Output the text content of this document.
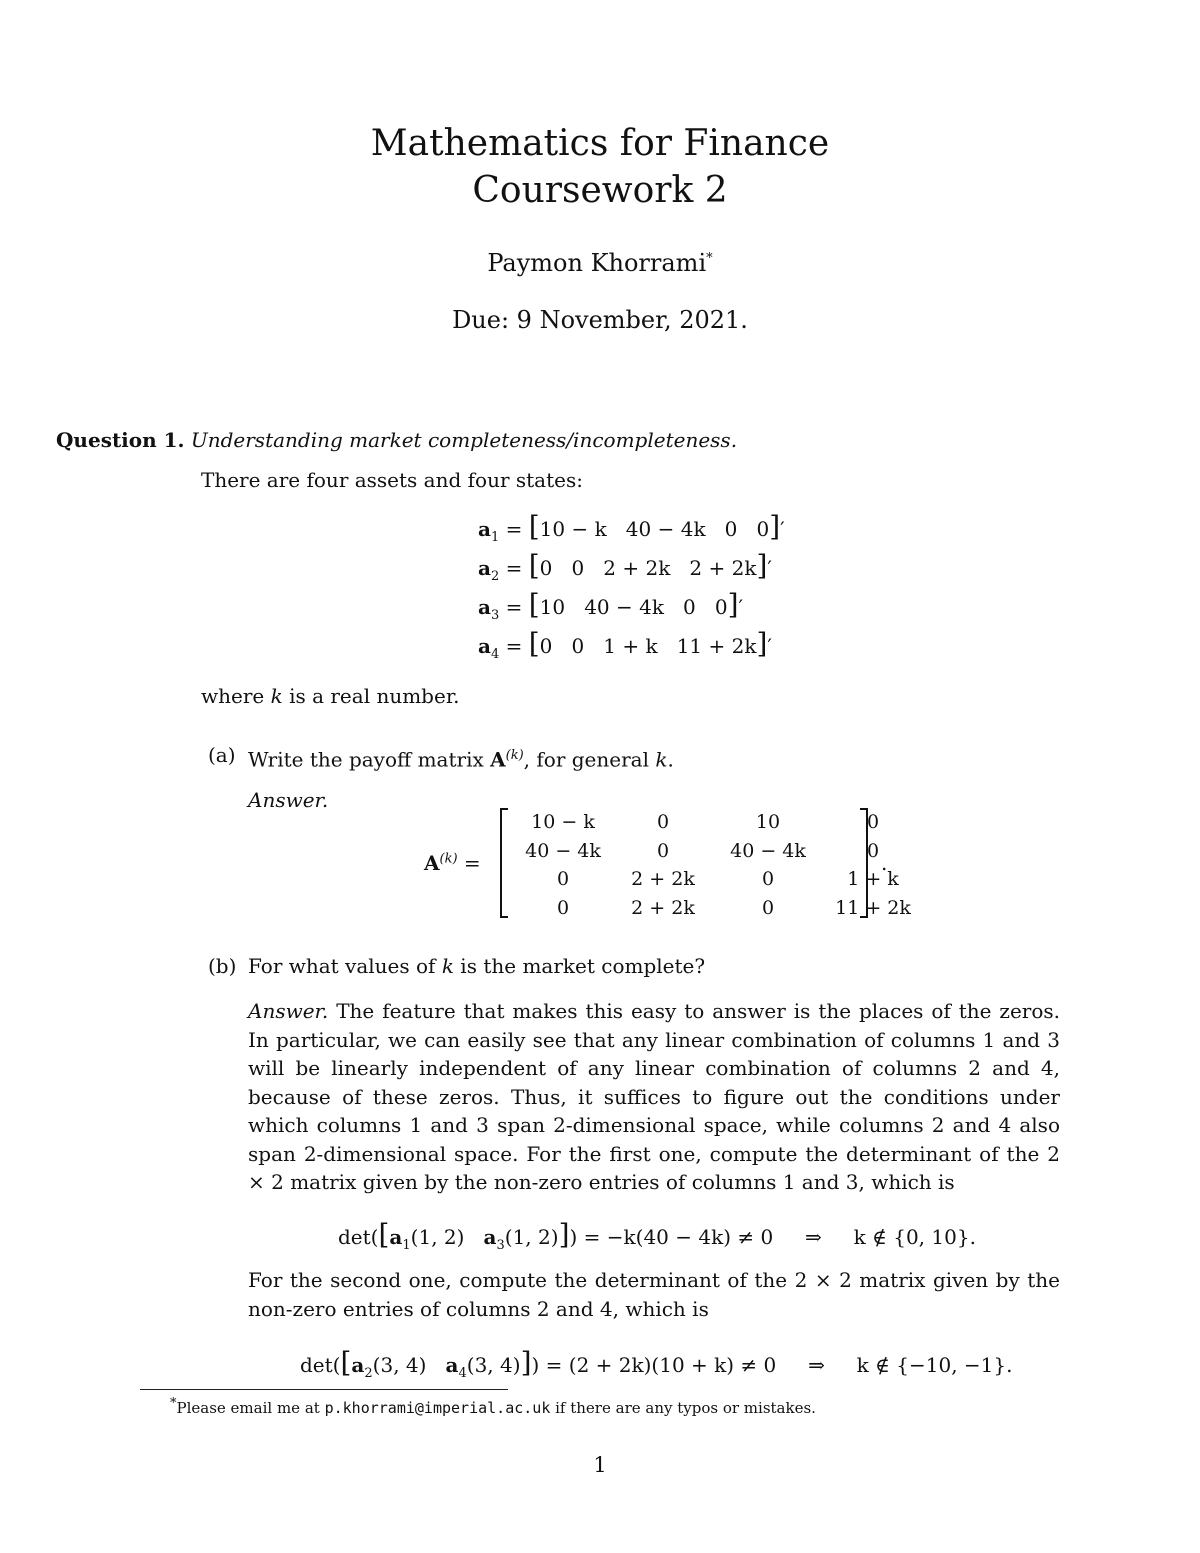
Mathematics for Finance
Coursework 2
Paymon Khorrami*
Due: 9 November, 2021.
Question 1. Understanding market completeness/incompleteness.
There are four assets and four states:
$a_1 = [10 - k$ 40 − 4k 0 0]′
$a_2 = [0$ 0 2 + 2k 2 + 2k]′
$a_3 = [10$ 40 − 4k 0 0]′
$a_4 = [0$ 0 1 + k 11 + 2k]′
where k is a real number.
(a) Write the payoff matrix $A^{(k)}$, for general k.
Answer.
$A^{(k)}$ =
10 − k	0	10	0
40 − 4k	0	40 − 4k	0
0	2 + 2k	0	1 + k
0	2 + 2k	0	11 + 2k
.
(b) For what values of k is the market complete?
Answer. The feature that makes this easy to answer is the places of the zeros. In particular, we can easily see that any linear combination of columns 1 and 3 will be linearly independent of any linear combination of columns 2 and 4, because of these zeros. Thus, it suffices to figure out the conditions under which columns 1 and 3 span 2-dimensional space, while columns 2 and 4 also span 2-dimensional space. For the first one, compute the determinant of the 2 × 2 matrix given by the non-zero entries of columns 1 and 3, which is
$\det([a_1(1$, 2) $a_3(1$, 2)]) = −k(40 − 4k) ≠ 0 ⇒ k ∉ {0, 10}.
For the second one, compute the determinant of the 2 × 2 matrix given by the non-zero entries of columns 2 and 4, which is
$\det([a_2(3$, 4) $a_4(3$, 4)]) = (2 + 2k)(10 + k) ≠ 0 ⇒ k ∉ {−10, −1}.
*Please email me at p.khorrami@imperial.ac.uk if there are any typos or mistakes.
1
